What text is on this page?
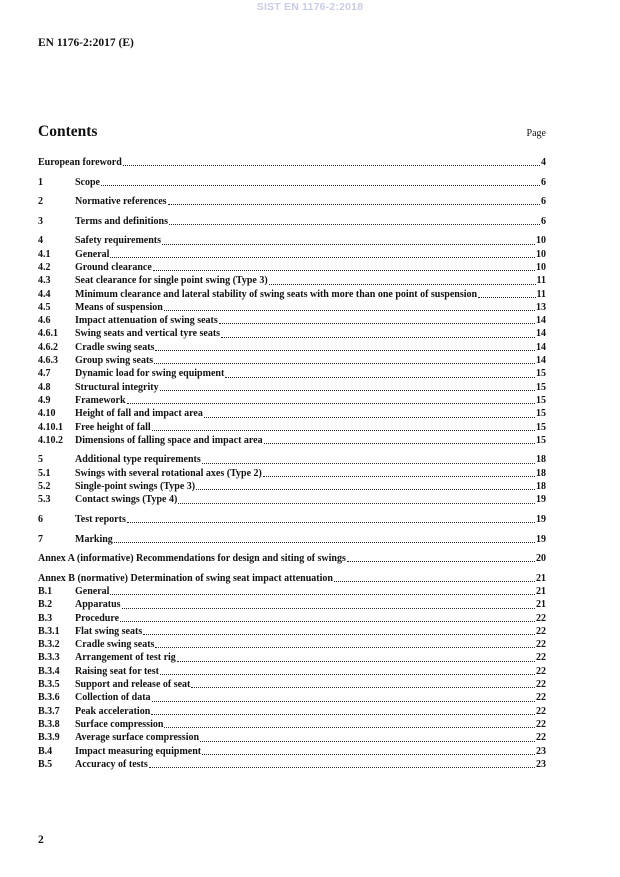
SIST EN 1176-2:2018
EN 1176-2:2017 (E)
Contents	Page
European foreword	4
1	Scope	6
2	Normative references	6
3	Terms and definitions	6
4	Safety requirements	10
4.1	General	10
4.2	Ground clearance	10
4.3	Seat clearance for single point swing (Type 3)	11
4.4	Minimum clearance and lateral stability of swing seats with more than one point of suspension	11
4.5	Means of suspension	13
4.6	Impact attenuation of swing seats	14
4.6.1	Swing seats and vertical tyre seats	14
4.6.2	Cradle swing seats	14
4.6.3	Group swing seats	14
4.7	Dynamic load for swing equipment	15
4.8	Structural integrity	15
4.9	Framework	15
4.10	Height of fall and impact area	15
4.10.1	Free height of fall	15
4.10.2	Dimensions of falling space and impact area	15
5	Additional type requirements	18
5.1	Swings with several rotational axes (Type 2)	18
5.2	Single-point swings (Type 3)	18
5.3	Contact swings (Type 4)	19
6	Test reports	19
7	Marking	19
Annex A (informative) Recommendations for design and siting of swings	20
Annex B (normative) Determination of swing seat impact attenuation	21
B.1	General	21
B.2	Apparatus	21
B.3	Procedure	22
B.3.1	Flat swing seats	22
B.3.2	Cradle swing seats	22
B.3.3	Arrangement of test rig	22
B.3.4	Raising seat for test	22
B.3.5	Support and release of seat	22
B.3.6	Collection of data	22
B.3.7	Peak acceleration	22
B.3.8	Surface compression	22
B.3.9	Average surface compression	22
B.4	Impact measuring equipment	23
B.5	Accuracy of tests	23
2
